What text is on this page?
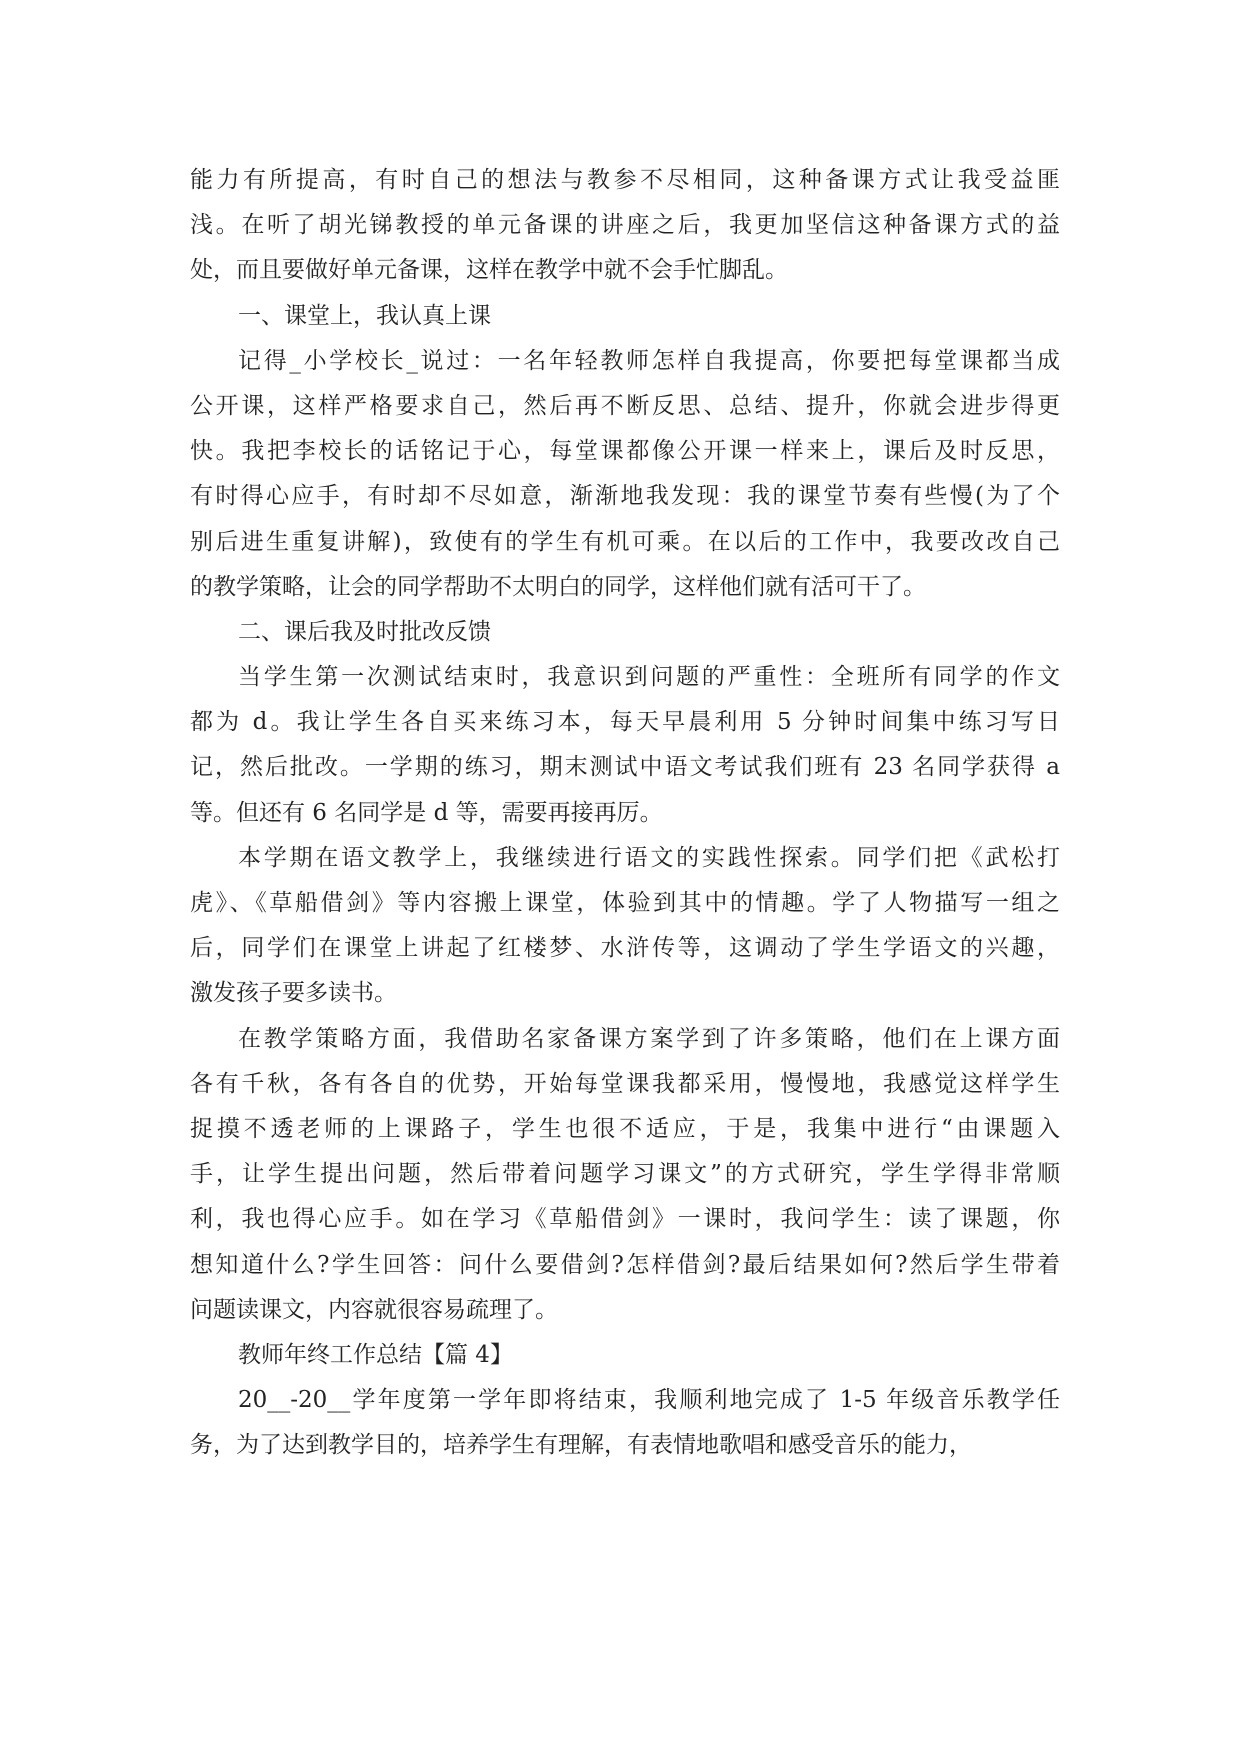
能力有所提高，有时自己的想法与教参不尽相同，这种备课方式让我受益匪
浅。在听了胡光锑教授的单元备课的讲座之后，我更加坚信这种备课方式的益
处，而且要做好单元备课，这样在教学中就不会手忙脚乱。
一、课堂上，我认真上课
记得_小学校长_说过：一名年轻教师怎样自我提高，你要把每堂课都当成
公开课，这样严格要求自己，然后再不断反思、总结、提升，你就会进步得更
快。我把李校长的话铭记于心，每堂课都像公开课一样来上，课后及时反思，
有时得心应手，有时却不尽如意，渐渐地我发现：我的课堂节奏有些慢(为了个
别后进生重复讲解)，致使有的学生有机可乘。在以后的工作中，我要改改自己
的教学策略，让会的同学帮助不太明白的同学，这样他们就有活可干了。
二、课后我及时批改反馈
当学生第一次测试结束时，我意识到问题的严重性：全班所有同学的作文
都为 d。我让学生各自买来练习本，每天早晨利用 5 分钟时间集中练习写日
记，然后批改。一学期的练习，期末测试中语文考试我们班有 23 名同学获得 a
等。但还有 6 名同学是 d 等，需要再接再厉。
本学期在语文教学上，我继续进行语文的实践性探索。同学们把《武松打
虎》、《草船借剑》等内容搬上课堂，体验到其中的情趣。学了人物描写一组之
后，同学们在课堂上讲起了红楼梦、水浒传等，这调动了学生学语文的兴趣，
激发孩子要多读书。
在教学策略方面，我借助名家备课方案学到了许多策略，他们在上课方面
各有千秋，各有各自的优势，开始每堂课我都采用，慢慢地，我感觉这样学生
捉摸不透老师的上课路子，学生也很不适应，于是，我集中进行“由课题入
手，让学生提出问题，然后带着问题学习课文”的方式研究，学生学得非常顺
利，我也得心应手。如在学习《草船借剑》一课时，我问学生：读了课题，你
想知道什么?学生回答：问什么要借剑?怎样借剑?最后结果如何?然后学生带着
问题读课文，内容就很容易疏理了。
教师年终工作总结【篇 4】
20__-20__学年度第一学年即将结束，我顺利地完成了 1-5 年级音乐教学任
务，为了达到教学目的，培养学生有理解，有表情地歌唱和感受音乐的能力，
